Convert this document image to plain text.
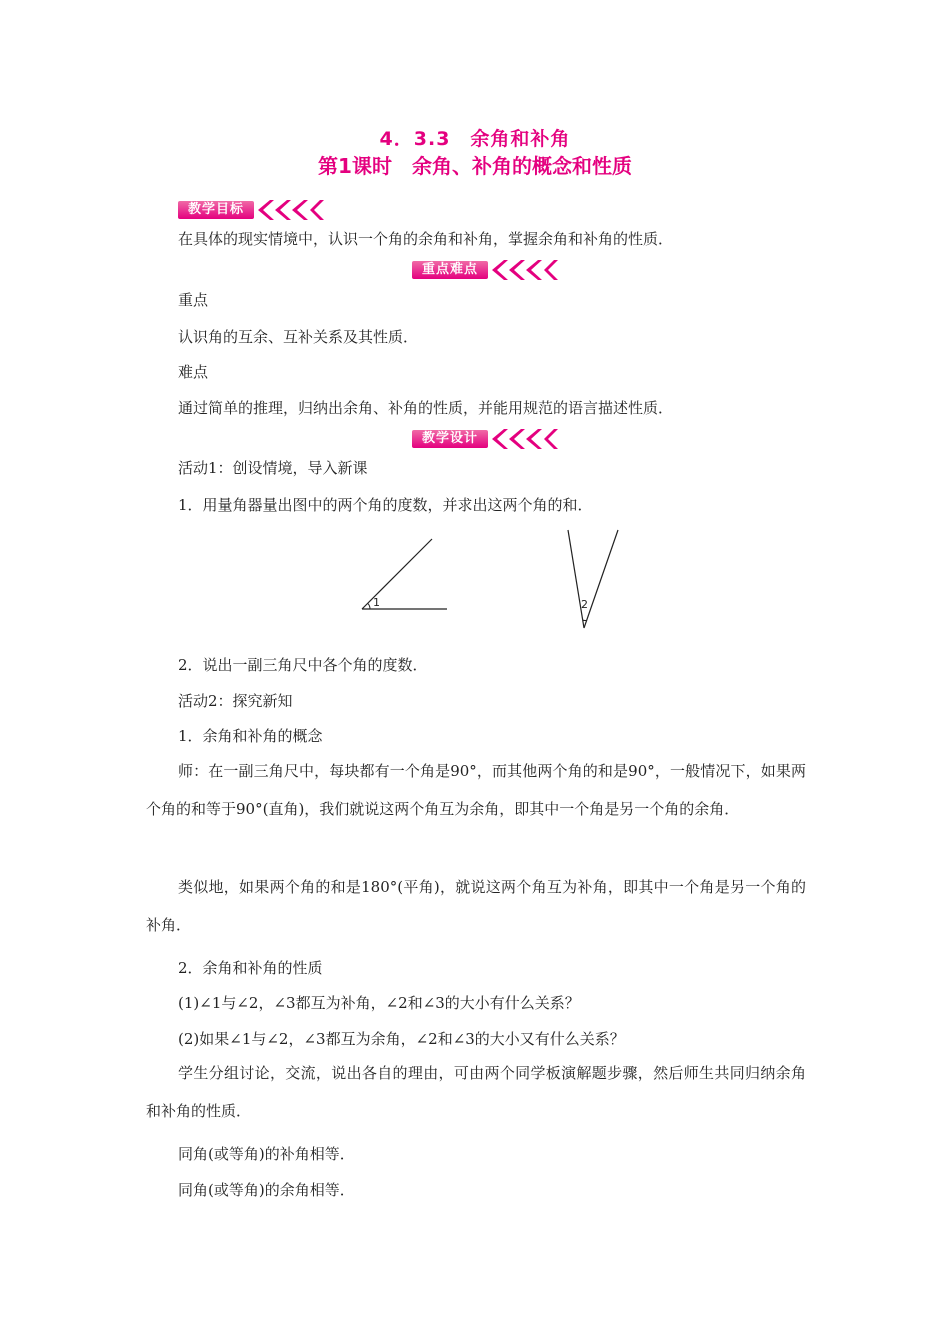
4．3.3　余角和补角
第1课时　余角、补角的概念和性质
教学目标
在具体的现实情境中，认识一个角的余角和补角，掌握余角和补角的性质．
重点难点
重点
认识角的互余、互补关系及其性质．
难点
通过简单的推理，归纳出余角、补角的性质，并能用规范的语言描述性质．
教学设计
活动1：创设情境，导入新课
1．用量角器量出图中的两个角的度数，并求出这两个角的和．
1	2
2．说出一副三角尺中各个角的度数．
活动2：探究新知
1．余角和补角的概念
师：在一副三角尺中，每块都有一个角是90°，而其他两个角的和是90°，一般情况下，如果两个角的和等于90°(直角)，我们就说这两个角互为余角，即其中一个角是另一个角的余角．
类似地，如果两个角的和是180°(平角)，就说这两个角互为补角，即其中一个角是另一个角的补角．
2．余角和补角的性质
(1)∠1与∠2，∠3都互为补角，∠2和∠3的大小有什么关系？
(2)如果∠1与∠2，∠3都互为余角，∠2和∠3的大小又有什么关系？
学生分组讨论，交流，说出各自的理由，可由两个同学板演解题步骤，然后师生共同归纳余角和补角的性质．
同角(或等角)的补角相等．
同角(或等角)的余角相等．
